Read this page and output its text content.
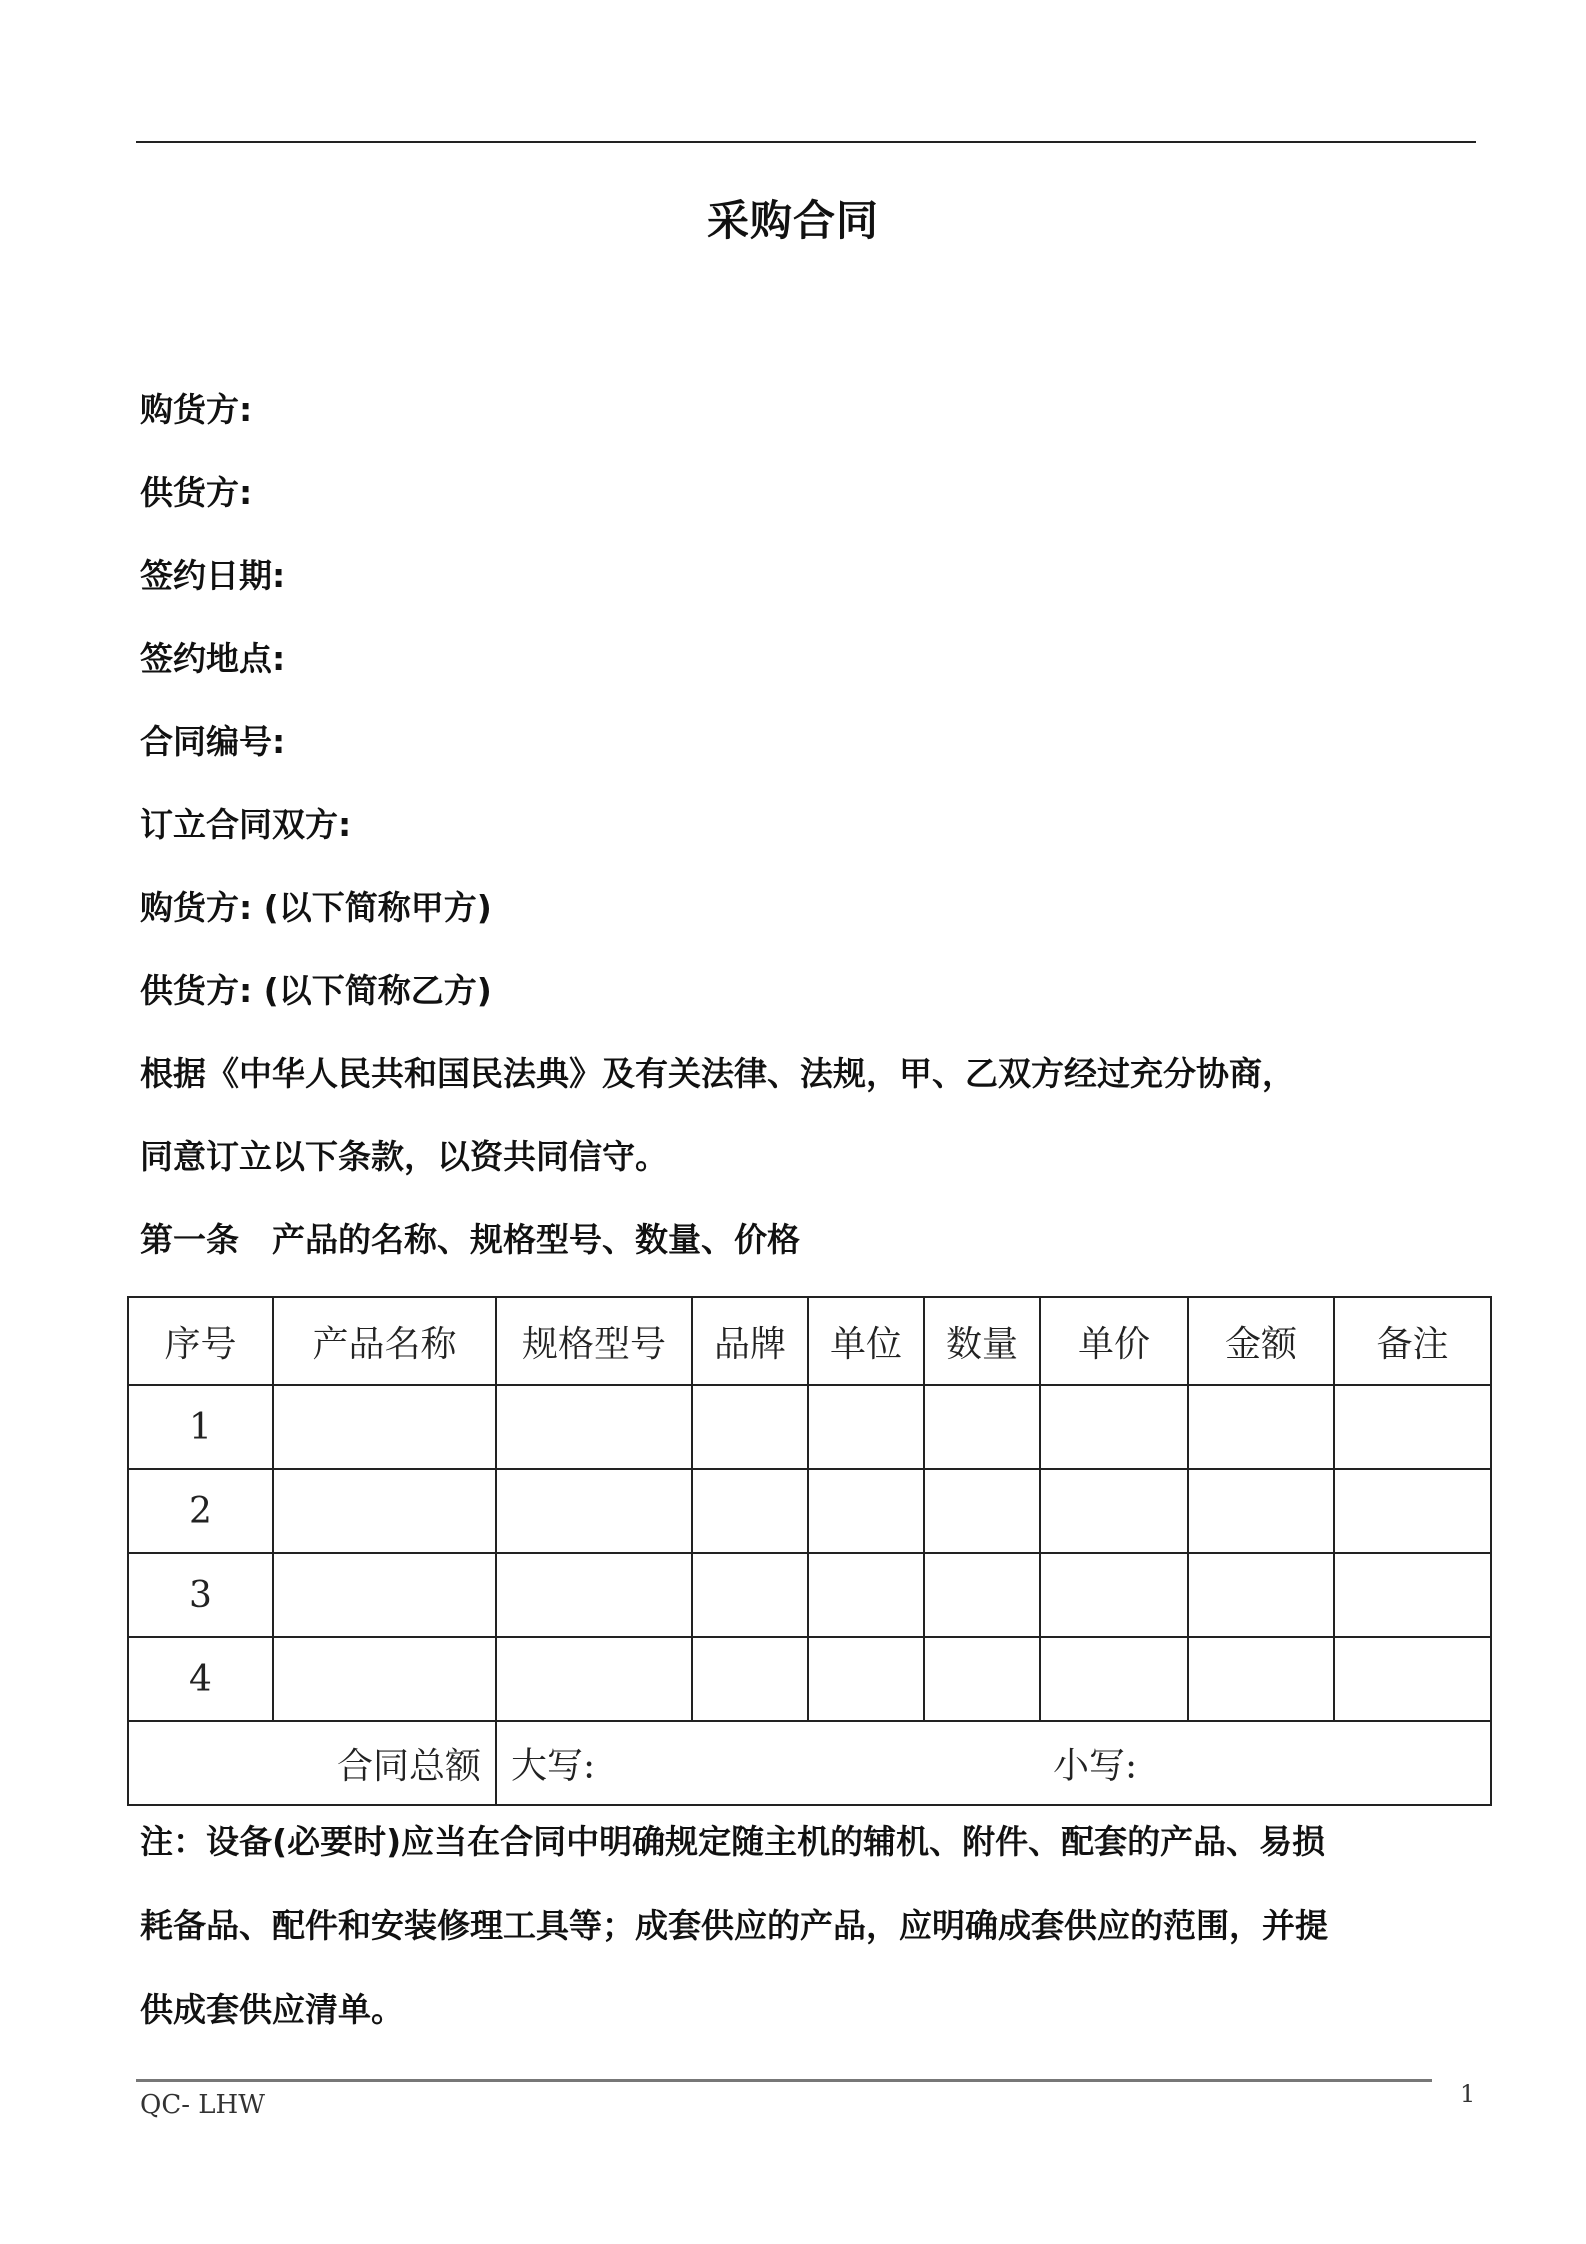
采购合同
购货方:
供货方:
签约日期:
签约地点:
合同编号:
订立合同双方:
购货方: (以下简称甲方)
供货方: (以下简称乙方)
根据《中华人民共和国民法典》及有关法律、法规，甲、乙双方经过充分协商，
同意订立以下条款，以资共同信守。
第一条　产品的名称、规格型号、数量、价格
序号	产品名称	规格型号	品牌	单位	数量	单价	金额	备注
1								
2								
3								
4								
合同总额		大写: 小写:						
注：设备(必要时)应当在合同中明确规定随主机的辅机、附件、配套的产品、易损
耗备品、配件和安装修理工具等；成套供应的产品，应明确成套供应的范围，并提
供成套供应清单。
QC- LHW	1
